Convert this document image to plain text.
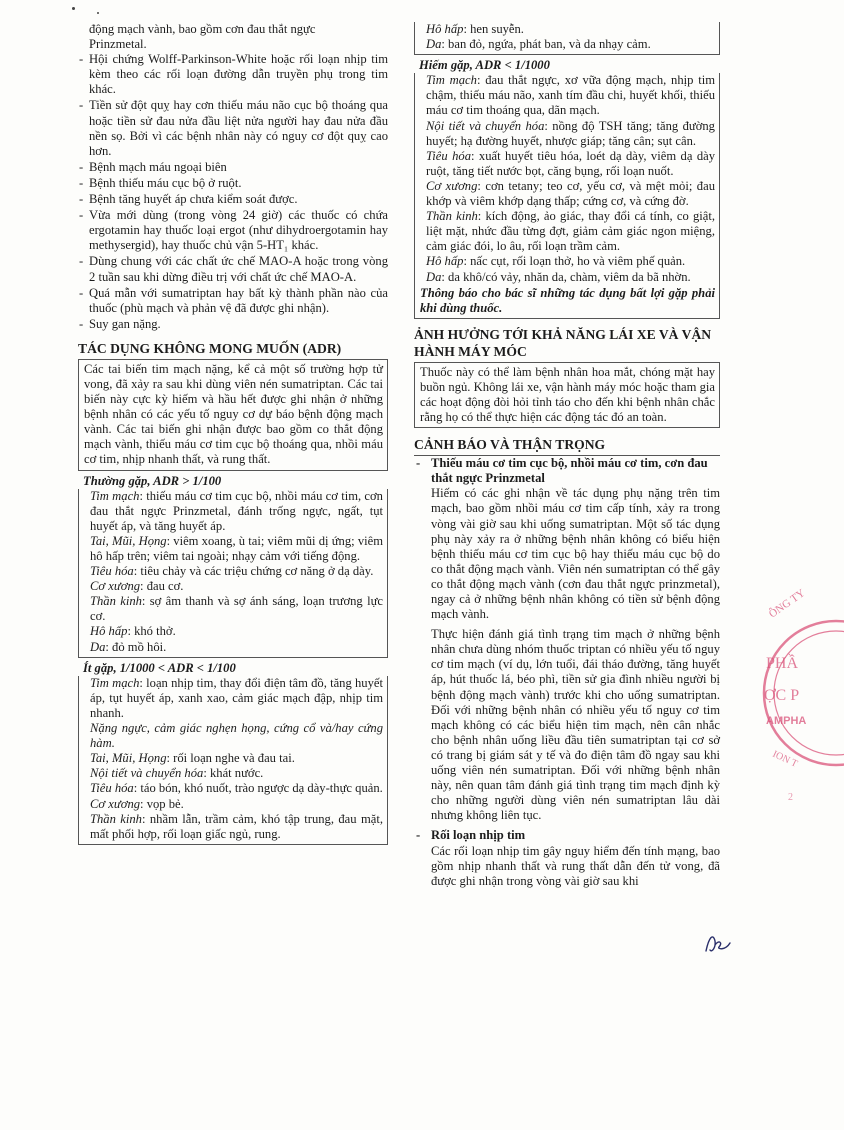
động mạch vành, bao gồm cơn đau thắt ngực
Prinzmetal.

- Hội chứng Wolff-Parkinson-White hoặc rối loạn nhịp tim kèm theo các rối loạn đường dẫn truyền phụ trong tim khác.

- Tiền sử đột quỵ hay cơn thiếu máu não cục bộ thoáng qua hoặc tiền sử đau nửa đầu liệt nửa người hay đau nửa đầu nền sọ. Bởi vì các bệnh nhân này có nguy cơ đột quỵ cao hơn.

- Bệnh mạch máu ngoại biên

- Bệnh thiếu máu cục bộ ở ruột.

- Bệnh tăng huyết áp chưa kiểm soát được.

- Vừa mới dùng (trong vòng 24 giờ) các thuốc có chứa ergotamin hay thuốc loại ergot (như dihydroergotamin hay methysergid), hay thuốc chủ vận 5-HT₁ khác.

- Dùng chung với các chất ức chế MAO-A hoặc trong vòng 2 tuần sau khi dừng điều trị với chất ức chế MAO-A.

- Quá mẫn với sumatriptan hay bất kỳ thành phần nào của thuốc (phù mạch và phản vệ đã được ghi nhận).

- Suy gan nặng.

TÁC DỤNG KHÔNG MONG MUỐN (ADR)

Các tai biến tim mạch nặng, kể cả một số trường hợp tử vong, đã xảy ra sau khi dùng viên nén sumatriptan. Các tai biến này cực kỳ hiếm và hầu hết được ghi nhận ở những bệnh nhân có các yếu tố nguy cơ dự báo bệnh động mạch vành. Các tai biến ghi nhận được bao gồm co thắt động mạch vành, thiếu máu cơ tim cục bộ thoáng qua, nhồi máu cơ tim, nhịp nhanh thất, và rung thất.

Thường gặp, ADR > 1/100

Tim mạch: thiếu máu cơ tim cục bộ, nhồi máu cơ tim, cơn đau thắt ngực Prinzmetal, đánh trống ngực, ngất, tụt huyết áp, và tăng huyết áp.

Tai, Mũi, Họng: viêm xoang, ù tai; viêm mũi dị ứng; viêm hô hấp trên; viêm tai ngoài; nhạy cảm với tiếng động.

Tiêu hóa: tiêu chảy và các triệu chứng cơ năng ở dạ dày.

Cơ xương: đau cơ.

Thần kinh: sợ âm thanh và sợ ánh sáng, loạn trương lực cơ.

Hô hấp: khó thở.

Da: đỏ mồ hôi.

Ít gặp, 1/1000 < ADR < 1/100

Tim mạch: loạn nhịp tim, thay đổi điện tâm đồ, tăng huyết áp, tụt huyết áp, xanh xao, cảm giác mạch đập, nhịp tim nhanh.

Nặng ngực, cảm giác nghẹn họng, cứng cổ và/hay cứng hàm.

Tai, Mũi, Họng: rối loạn nghe và đau tai.

Nội tiết và chuyển hóa: khát nước.

Tiêu hóa: táo bón, khó nuốt, trào ngược dạ dày-thực quản.

Cơ xương: vọp bẻ.

Thần kinh: nhầm lẫn, trầm cảm, khó tập trung, đau mặt, mất phối hợp, rối loạn giấc ngủ, rung.

Hô hấp: hen suyễn.

Da: ban đỏ, ngứa, phát ban, và da nhạy cảm.

Hiếm gặp, ADR < 1/1000

Tim mạch: đau thắt ngực, xơ vữa động mạch, nhịp tim chậm, thiếu máu não, xanh tím đầu chi, huyết khối, thiếu máu cơ tim thoáng qua, dãn mạch.

Nội tiết và chuyển hóa: nồng độ TSH tăng; tăng đường huyết; hạ đường huyết, nhược giáp; tăng cân; sụt cân.

Tiêu hóa: xuất huyết tiêu hóa, loét dạ dày, viêm dạ dày ruột, tăng tiết nước bọt, căng bụng, rối loạn nuốt.

Cơ xương: cơn tetany; teo cơ, yếu cơ, và mệt mỏi; đau khớp và viêm khớp dạng thấp; cứng cơ, và cứng đờ.

Thần kinh: kích động, ảo giác, thay đổi cá tính, co giật, liệt mặt, nhức đầu từng đợt, giảm cảm giác ngon miệng, cảm giác đói, lo âu, rối loạn trầm cảm.

Hô hấp: nấc cụt, rối loạn thở, ho và viêm phế quản.

Da: da khô/có vảy, nhăn da, chàm, viêm da bã nhờn.

Thông báo cho bác sĩ những tác dụng bất lợi gặp phải khi dùng thuốc.

ẢNH HƯỞNG TỚI KHẢ NĂNG LÁI XE VÀ VẬN HÀNH MÁY MÓC

Thuốc này có thể làm bệnh nhân hoa mắt, chóng mặt hay buồn ngủ. Không lái xe, vận hành máy móc hoặc tham gia các hoạt động đòi hỏi tỉnh táo cho đến khi bệnh nhân chắc rằng họ có thể thực hiện các động tác đó an toàn.

CẢNH BÁO VÀ THẬN TRỌNG

- Thiếu máu cơ tim cục bộ, nhồi máu cơ tim, cơn đau thắt ngực Prinzmetal

Hiếm có các ghi nhận về tác dụng phụ nặng trên tim mạch, bao gồm nhồi máu cơ tim cấp tính, xảy ra trong vòng vài giờ sau khi uống sumatriptan. Một số tác dụng phụ này xảy ra ở những bệnh nhân không có biểu hiện bệnh thiếu máu cơ tim cục bộ hay thiếu máu cục bộ do co thắt động mạch vành. Viên nén sumatriptan có thể gây co thắt động mạch vành (cơn đau thắt ngực prinzmetal), ngay cả ở những bệnh nhân không có tiền sử bệnh động mạch vành.

Thực hiện đánh giá tình trạng tim mạch ở những bệnh nhân chưa dùng nhóm thuốc triptan có nhiều yếu tố nguy cơ tim mạch (ví dụ, lớn tuổi, đái tháo đường, tăng huyết áp, hút thuốc lá, béo phì, tiền sử gia đình nhiều người bị bệnh động mạch vành) trước khi cho uống sumatriptan. Đối với những bệnh nhân có nhiều yếu tố nguy cơ tim mạch không có các biểu hiện tim mạch, nên cân nhắc cho bệnh nhân uống liều đầu tiên sumatriptan tại cơ sở có trang bị giám sát y tế và đo điện tâm đồ ngay sau khi uống viên nén sumatriptan. Đối với những bệnh nhân này, nên quan tâm đánh giá tình trạng tim mạch định kỳ cho những người dùng viên nén sumatriptan lâu dài nhưng không liên tục.

- Rối loạn nhịp tim

Các rối loạn nhịp tim gây nguy hiểm đến tính mạng, bao gồm nhịp nhanh thất và rung thất dẫn đến tử vong, đã được ghi nhận trong vòng vài giờ sau khi

ÔNG TY
PHẦ
ỢC P
AMPHA
ION T
2
